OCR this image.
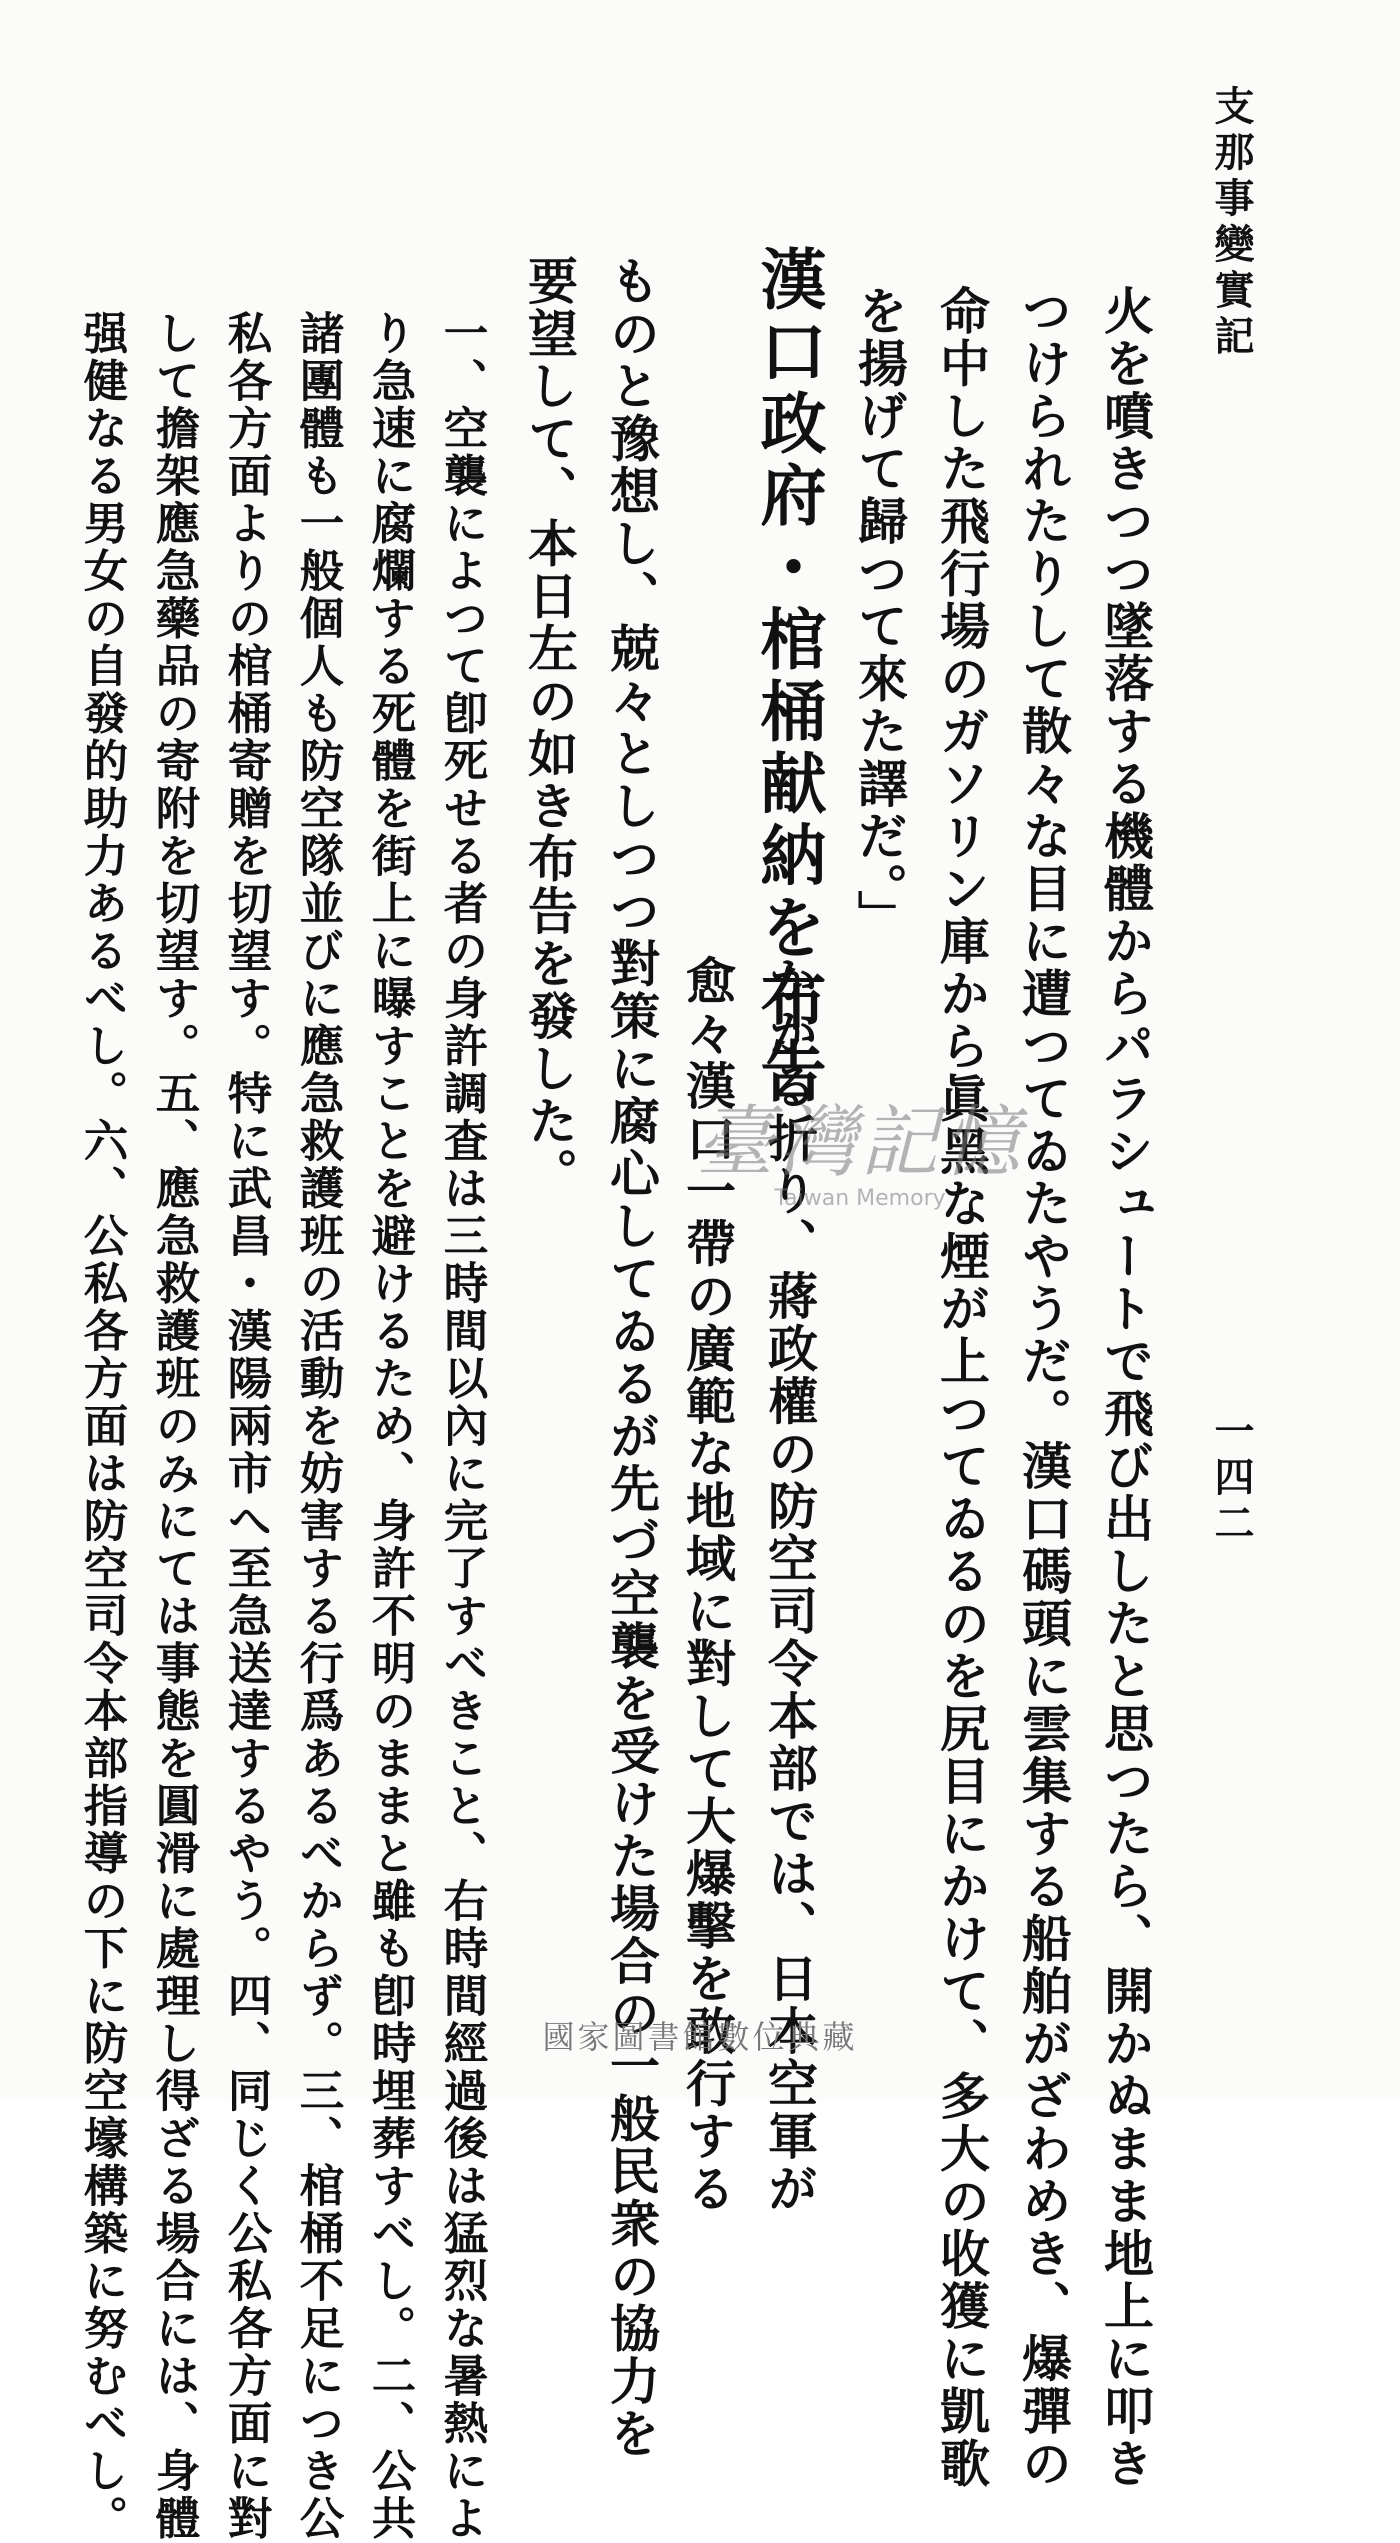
支那事變實記
一四二
火を噴きつつ墜落する機體からパラシュートで飛び出したと思つたら、開かぬまま地上に叩き
つけられたりして散々な目に遭つてゐたやうだ。漢口碼頭に雲集する船舶がざわめき、爆彈の
命中した飛行場のガソリン庫から眞黑な煙が上つてゐるのを尻目にかけて、多大の收獲に凱歌
を揚げて歸つて來た譯だ。」
漢口政府・棺桶献納を布告
かかる折り、蔣政權の防空司令本部では、日本空軍が
愈々漢口一帶の廣範な地域に對して大爆擊を敢行する
ものと豫想し、兢々としつつ對策に腐心してゐるが先づ空襲を受けた場合の一般民衆の協力を
要望して、本日左の如き布告を發した。
一、空襲によつて卽死せる者の身許調査は三時間以內に完了すべきこと、右時間經過後は猛烈な暑熱によ
り急速に腐爛する死體を街上に曝すことを避けるため、身許不明のままと雖も卽時埋葬すべし。二、公共
諸團體も一般個人も防空隊並びに應急救護班の活動を妨害する行爲あるべからず。三、棺桶不足につき公
私各方面よりの棺桶寄贈を切望す。特に武昌・漢陽兩市へ至急送達するやう。四、同じく公私各方面に對
して擔架應急藥品の寄附を切望す。五、應急救護班のみにては事態を圓滑に處理し得ざる場合には、身體
强健なる男女の自發的助力あるべし。六、公私各方面は防空司令本部指導の下に防空壕構築に努むべし。	臺灣記憶
Taiwan Memory
國家圖書館數位典藏
